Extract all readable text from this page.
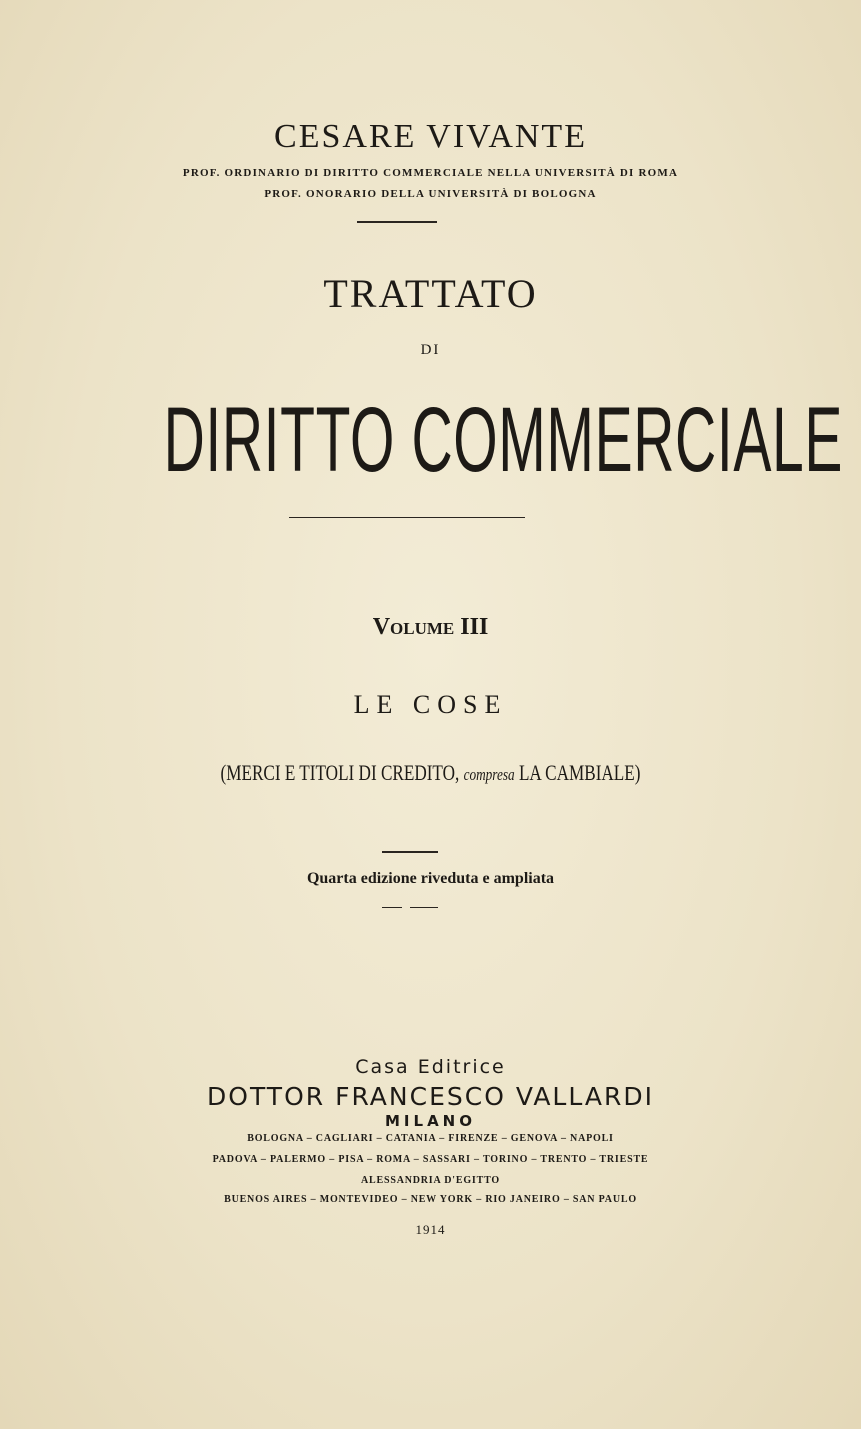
CESARE VIVANTE
PROF. ORDINARIO DI DIRITTO COMMERCIALE NELLA UNIVERSITÀ DI ROMA
PROF. ONORARIO DELLA UNIVERSITÀ DI BOLOGNA
TRATTATO
DI
DIRITTO COMMERCIALE
Volume III
LE COSE
(MERCI E TITOLI DI CREDITO, compresa LA CAMBIALE)
Quarta edizione riveduta e ampliata
Casa Editrice
DOTTOR FRANCESCO VALLARDI
MILANO
BOLOGNA – CAGLIARI – CATANIA – FIRENZE – GENOVA – NAPOLI
PADOVA – PALERMO – PISA – ROMA – SASSARI – TORINO – TRENTO – TRIESTE
ALESSANDRIA D'EGITTO
BUENOS AIRES – MONTEVIDEO – NEW YORK – RIO JANEIRO – SAN PAULO
1914
